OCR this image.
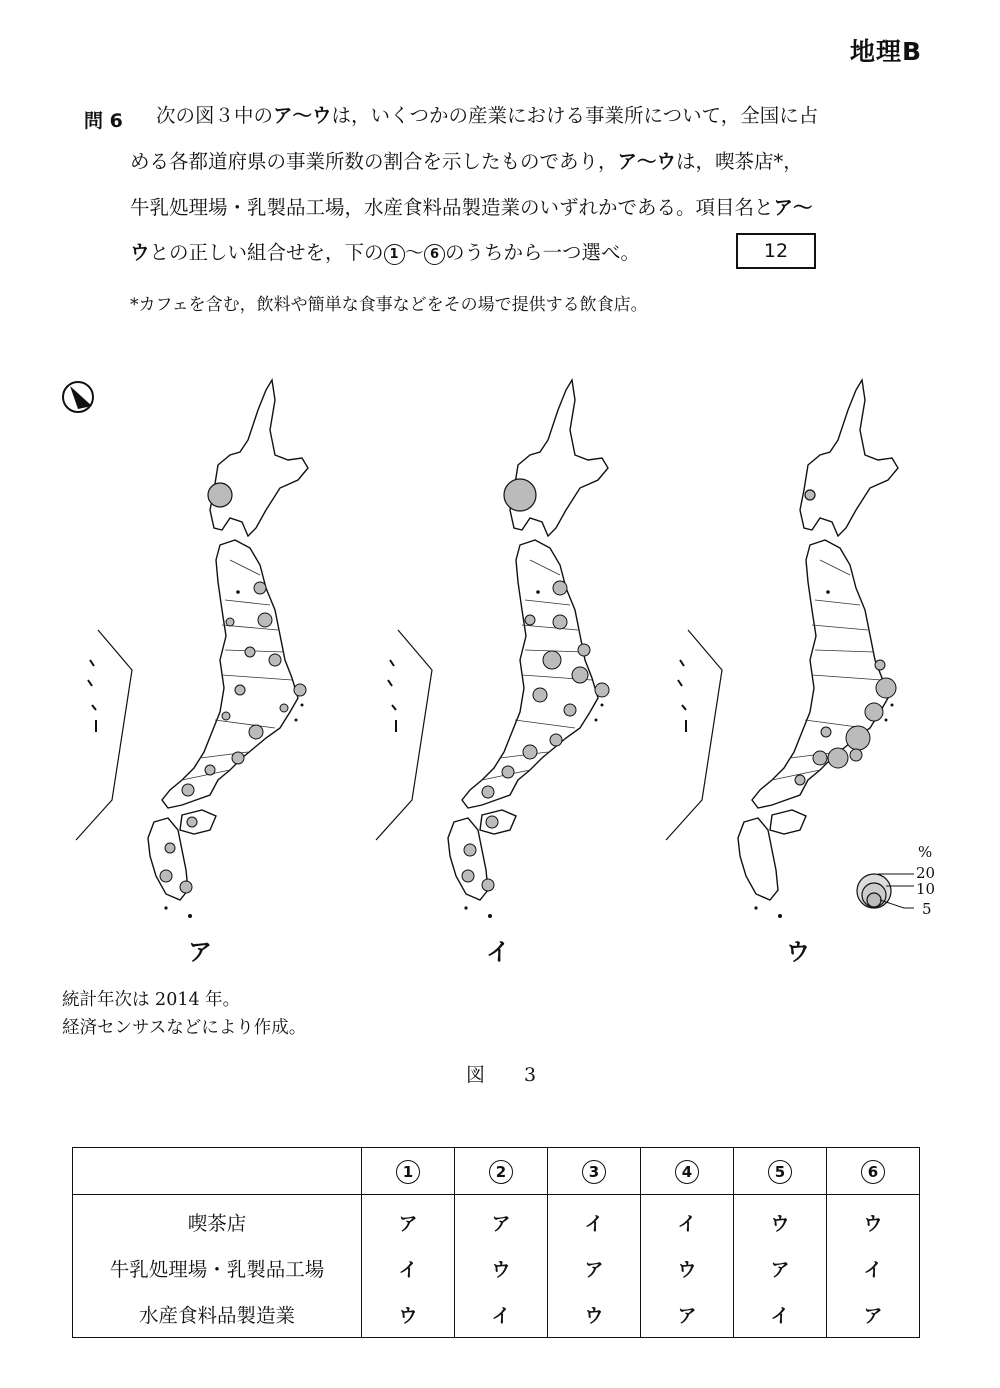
地理B
問 6 次の図３中のア～ウは，いくつかの産業における事業所について，全国に占
める各都道府県の事業所数の割合を示したものであり，ア～ウは，喫茶店*，
牛乳処理場・乳製品工場，水産食料品製造業のいずれかである。項目名とア～
ウとの正しい組合せを，下の 1 ～ 6 のうちから一つ選べ。	12
*カフェを含む，飲料や簡単な食事などをその場で提供する飲食店。
%
20
10
5
ア	イ	ウ
統計年次は 2014 年。
経済センサスなどにより作成。
図　3
	1	2	3	4	5	6
喫茶店	ア	ア	イ	イ	ウ	ウ
牛乳処理場・乳製品工場	イ	ウ	ア	ウ	ア	イ
水産食料品製造業	ウ	イ	ウ	ア	イ	ア
